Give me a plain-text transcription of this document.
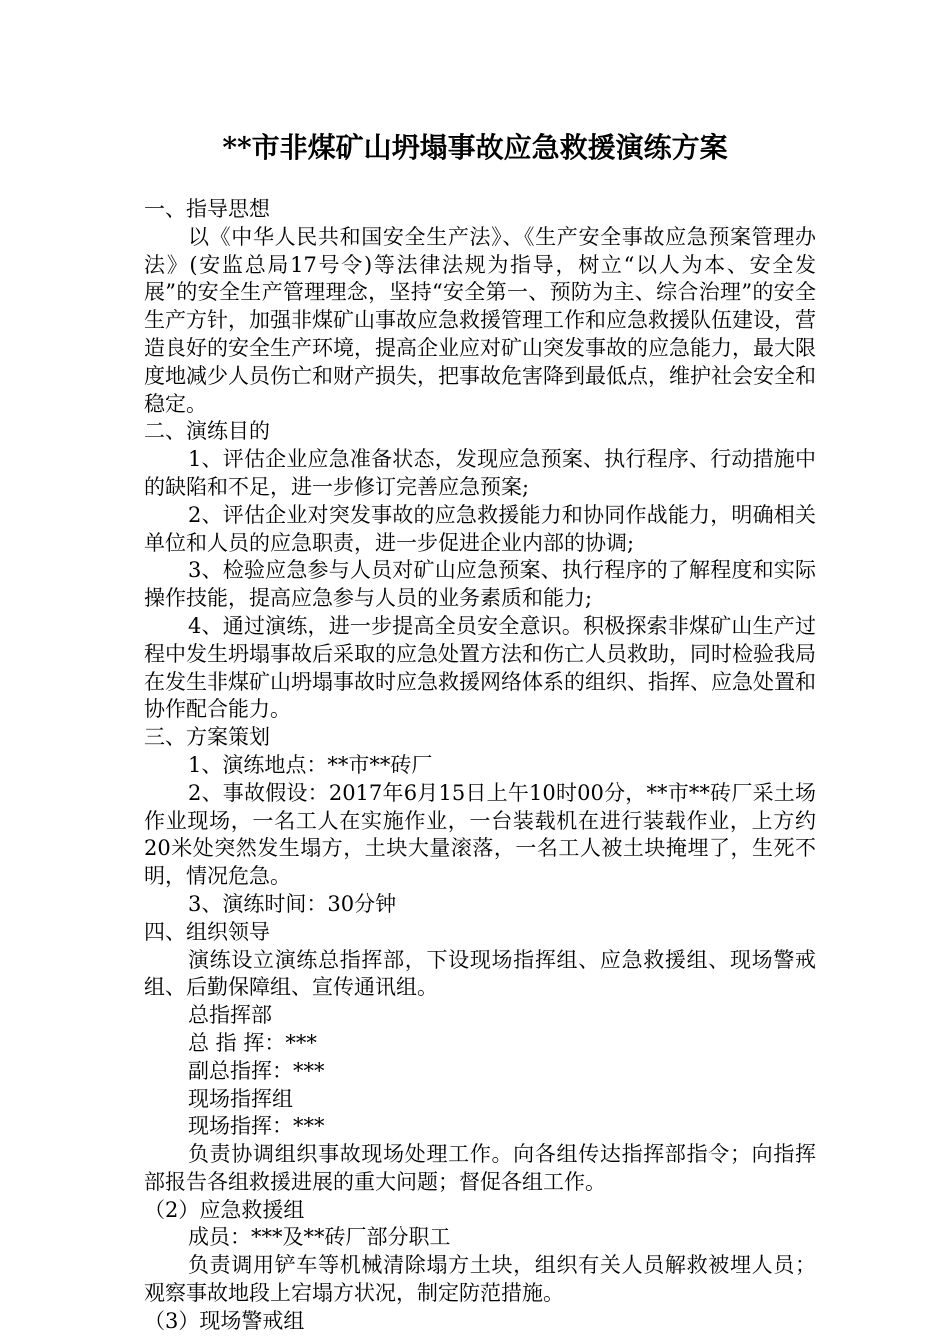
**市非煤矿山坍塌事故应急救援演练方案

一、指导思想

以《中华人民共和国安全生产法》、《生产安全事故应急预案管理办法》(安监总局17号令)等法律法规为指导，树立“以人为本、安全发展”的安全生产管理理念，坚持“安全第一、预防为主、综合治理”的安全生产方针，加强非煤矿山事故应急救援管理工作和应急救援队伍建设，营造良好的安全生产环境，提高企业应对矿山突发事故的应急能力，最大限度地减少人员伤亡和财产损失，把事故危害降到最低点，维护社会安全和稳定。

二、演练目的

1、评估企业应急准备状态，发现应急预案、执行程序、行动措施中的缺陷和不足，进一步修订完善应急预案;

2、评估企业对突发事故的应急救援能力和协同作战能力，明确相关单位和人员的应急职责，进一步促进企业内部的协调;

3、检验应急参与人员对矿山应急预案、执行程序的了解程度和实际操作技能，提高应急参与人员的业务素质和能力;

4、通过演练，进一步提高全员安全意识。积极探索非煤矿山生产过程中发生坍塌事故后采取的应急处置方法和伤亡人员救助，同时检验我局在发生非煤矿山坍塌事故时应急救援网络体系的组织、指挥、应急处置和协作配合能力。

三、方案策划

1、演练地点：**市**砖厂

2、事故假设：2017年6月15日上午10时00分，**市**砖厂采土场作业现场，一名工人在实施作业，一台装载机在进行装载作业，上方约20米处突然发生塌方，土块大量滚落，一名工人被土块掩埋了，生死不明，情况危急。

3、演练时间：30分钟

四、组织领导

演练设立演练总指挥部，下设现场指挥组、应急救援组、现场警戒组、后勤保障组、宣传通讯组。

总指挥部

总 指 挥：***

副总指挥：***

现场指挥组

现场指挥：***

负责协调组织事故现场处理工作。向各组传达指挥部指令；向指挥部报告各组救援进展的重大问题；督促各组工作。

（2）应急救援组

成员：***及**砖厂部分职工

负责调用铲车等机械清除塌方土块，组织有关人员解救被埋人员；观察事故地段上宕塌方状况，制定防范措施。

（3）现场警戒组
